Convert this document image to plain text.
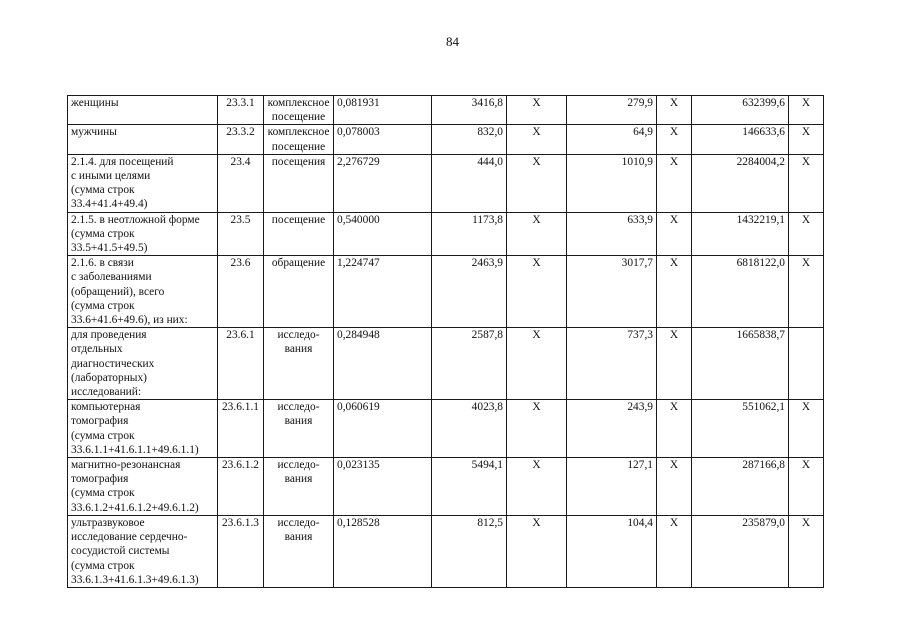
84
женщины	23.3.1	комплексное посещение	0,081931	3416,8	X	279,9	X	632399,6	X
мужчины	23.3.2	комплексное посещение	0,078003	832,0	X	64,9	X	146633,6	X
2.1.4. для посещений
с иными целями
(сумма строк
33.4+41.4+49.4)	23.4	посещения	2,276729	444,0	X	1010,9	X	2284004,2	X
2.1.5. в неотложной форме
(сумма строк
33.5+41.5+49.5)	23.5	посещение	0,540000	1173,8	X	633,9	X	1432219,1	X
2.1.6. в связи
с заболеваниями
(обращений), всего
(сумма строк
33.6+41.6+49.6), из них:	23.6	обращение	1,224747	2463,9	X	3017,7	X	6818122,0	X
для проведения
отдельных
диагностических
(лабораторных)
исследований:	23.6.1	исследо-
вания	0,284948	2587,8	X	737,3	X	1665838,7	
компьютерная
томография
(сумма строк
33.6.1.1+41.6.1.1+49.6.1.1)	23.6.1.1	исследо-
вания	0,060619	4023,8	X	243,9	X	551062,1	X
магнитно-резонансная
томография
(сумма строк
33.6.1.2+41.6.1.2+49.6.1.2)	23.6.1.2	исследо-
вания	0,023135	5494,1	X	127,1	X	287166,8	X
ультразвуковое
исследование сердечно-
сосудистой системы
(сумма строк
33.6.1.3+41.6.1.3+49.6.1.3)	23.6.1.3	исследо-
вания	0,128528	812,5	X	104,4	X	235879,0	X
